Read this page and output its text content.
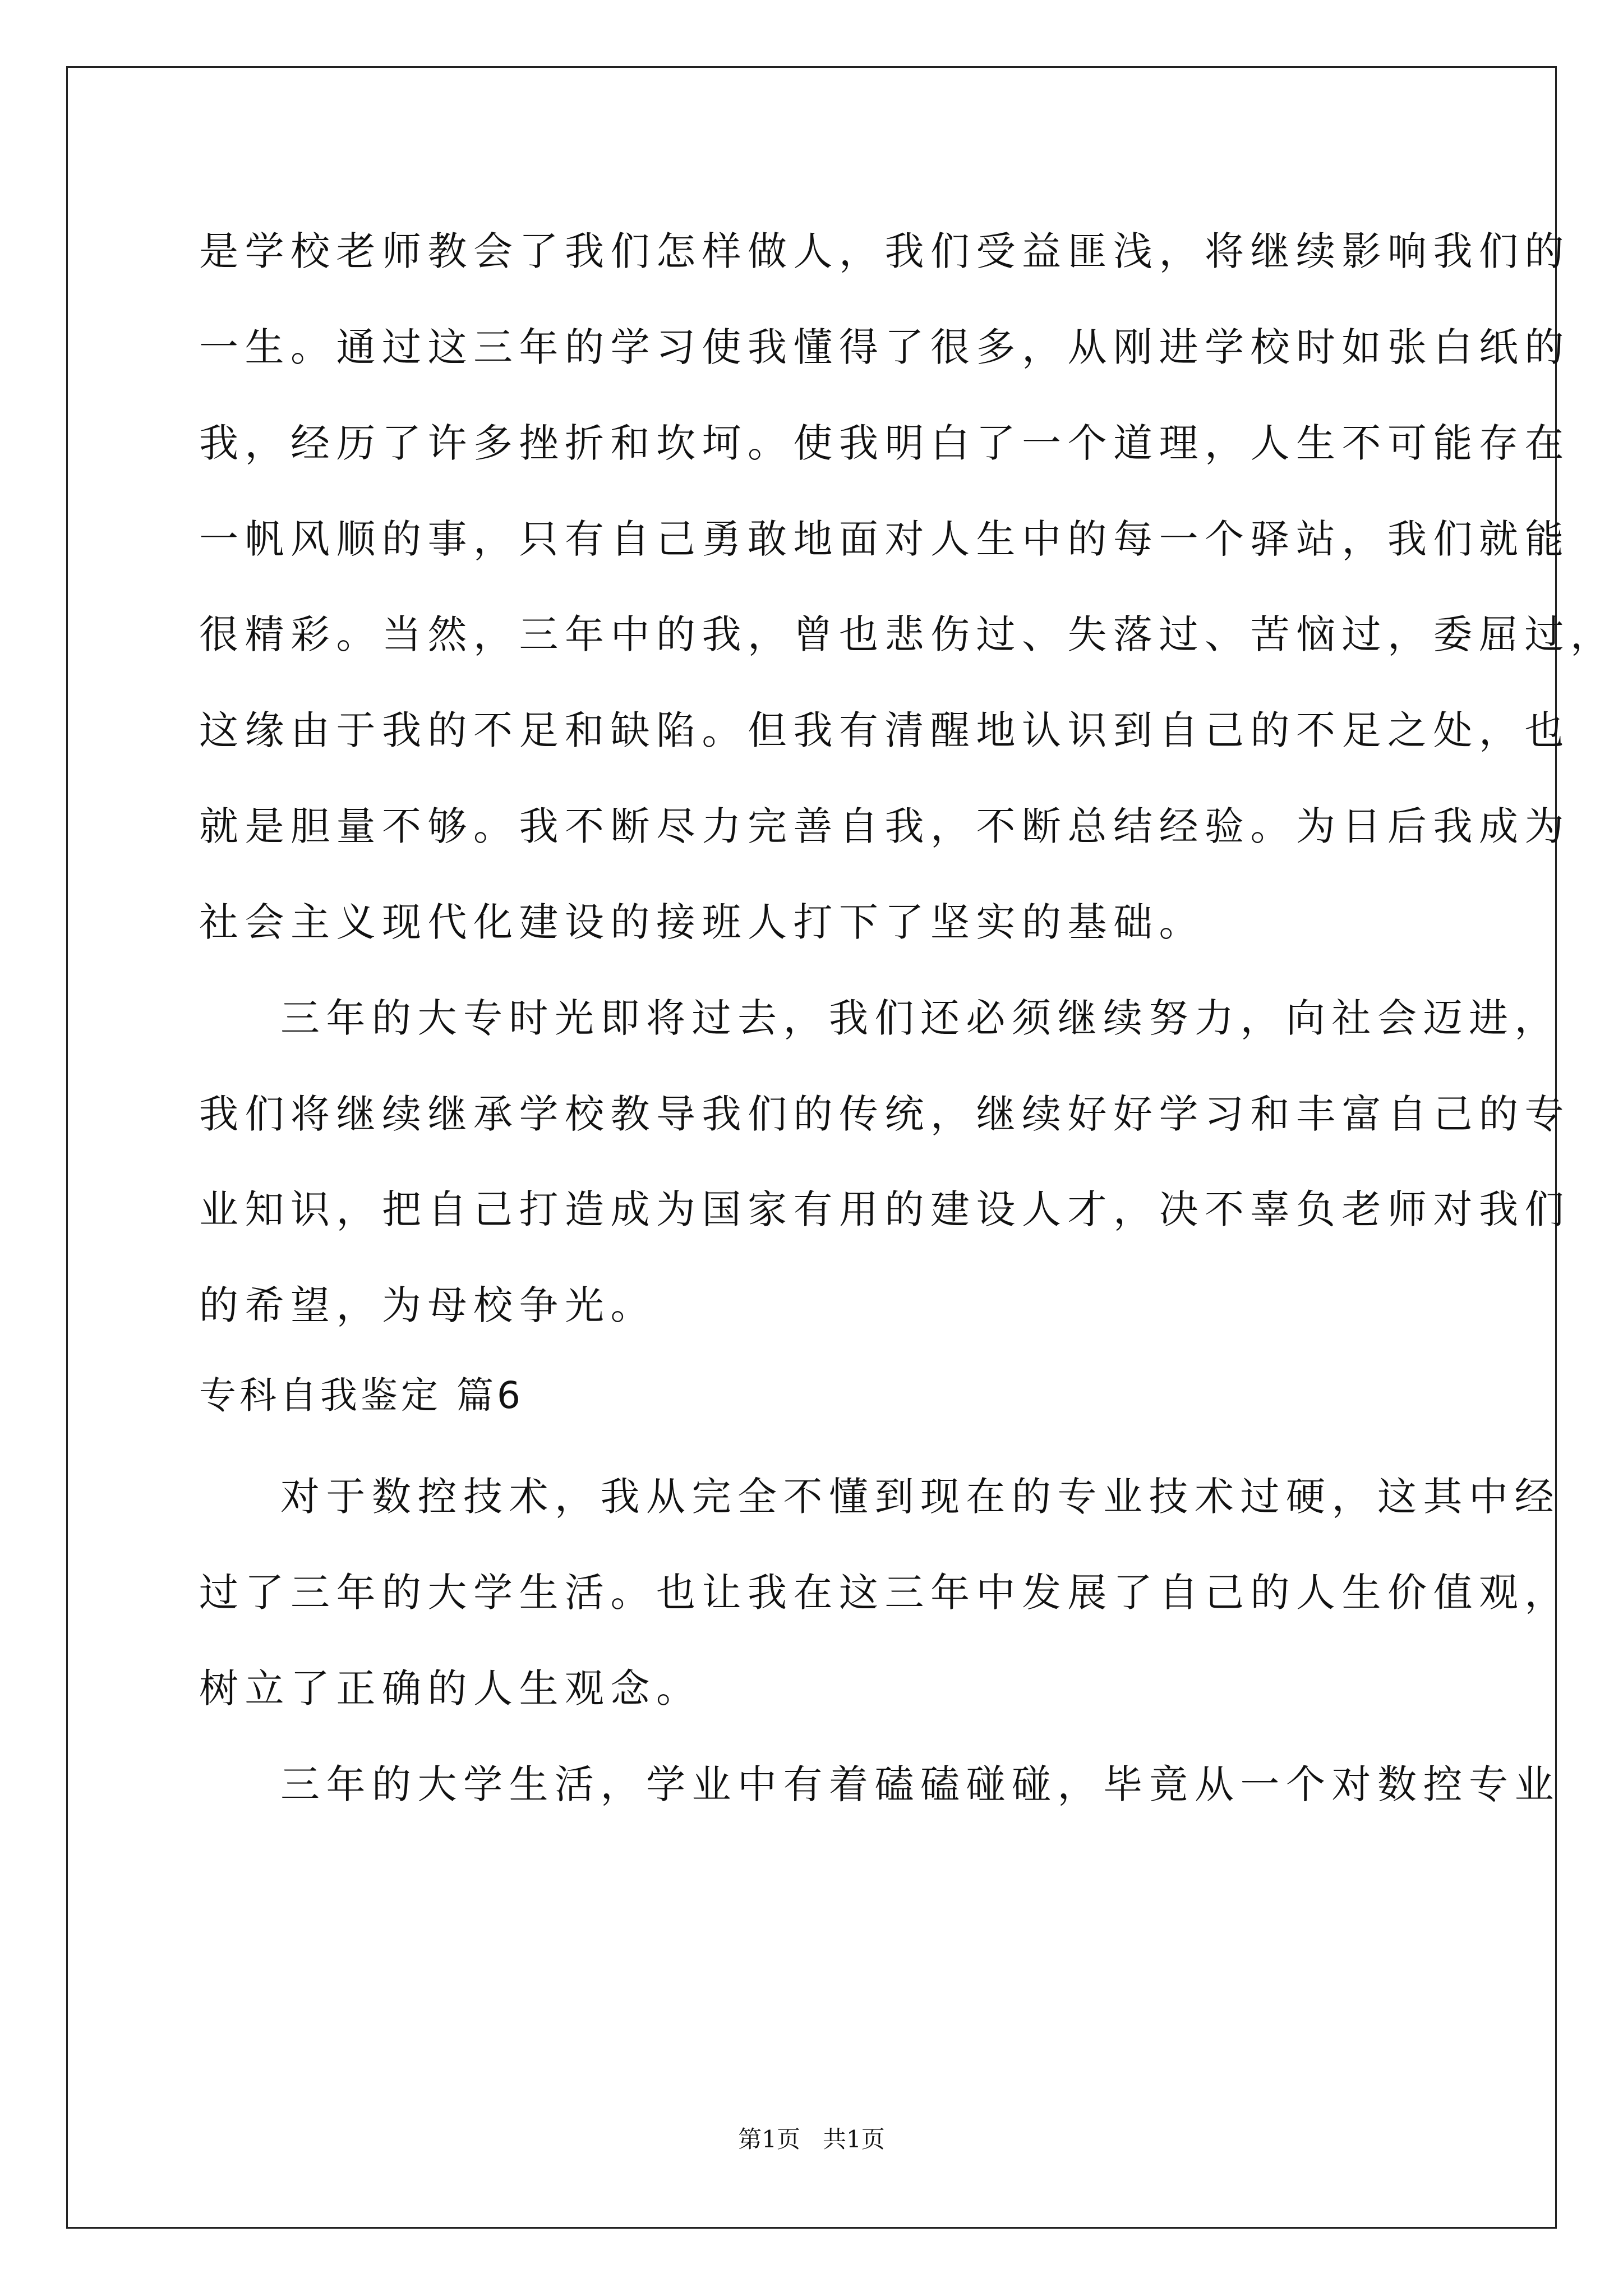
是学校老师教会了我们怎样做人，我们受益匪浅，将继续影响我们的
一生。通过这三年的学习使我懂得了很多，从刚进学校时如张白纸的
我，经历了许多挫折和坎坷。使我明白了一个道理，人生不可能存在
一帆风顺的事，只有自己勇敢地面对人生中的每一个驿站，我们就能
很精彩。当然，三年中的我，曾也悲伤过、失落过、苦恼过，委屈过，
这缘由于我的不足和缺陷。但我有清醒地认识到自己的不足之处，也
就是胆量不够。我不断尽力完善自我，不断总结经验。为日后我成为
社会主义现代化建设的接班人打下了坚实的基础。
三年的大专时光即将过去，我们还必须继续努力，向社会迈进，
我们将继续继承学校教导我们的传统，继续好好学习和丰富自己的专
业知识，把自己打造成为国家有用的建设人才，决不辜负老师对我们
的希望，为母校争光。
专科自我鉴定 篇6
对于数控技术，我从完全不懂到现在的专业技术过硬，这其中经
过了三年的大学生活。也让我在这三年中发展了自己的人生价值观，
树立了正确的人生观念。
三年的大学生活，学业中有着磕磕碰碰，毕竟从一个对数控专业
第1页   共1页
